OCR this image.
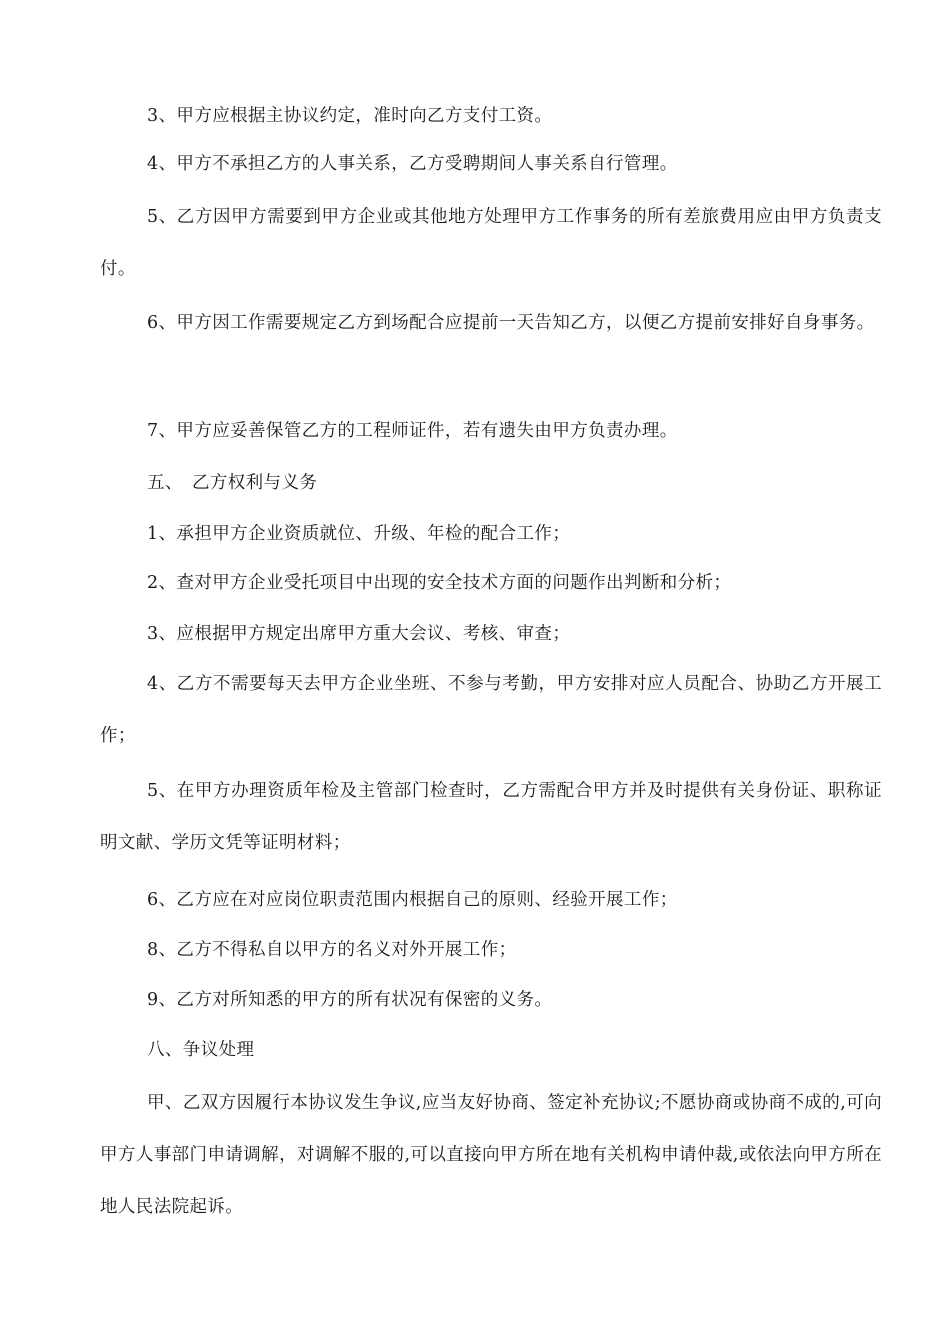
3、甲方应根据主协议约定，准时向乙方支付工资。

4、甲方不承担乙方的人事关系，乙方受聘期间人事关系自行管理。

5、乙方因甲方需要到甲方企业或其他地方处理甲方工作事务的所有差旅费用应由甲方负责支付。

6、甲方因工作需要规定乙方到场配合应提前一天告知乙方，以便乙方提前安排好自身事务。

7、甲方应妥善保管乙方的工程师证件，若有遗失由甲方负责办理。

五、　乙方权利与义务

1、承担甲方企业资质就位、升级、年检的配合工作；

2、查对甲方企业受托项目中出现的安全技术方面的问题作出判断和分析；

3、应根据甲方规定出席甲方重大会议、考核、审查；

4、乙方不需要每天去甲方企业坐班、不参与考勤，甲方安排对应人员配合、协助乙方开展工作；

5、在甲方办理资质年检及主管部门检查时，乙方需配合甲方并及时提供有关身份证、职称证明文献、学历文凭等证明材料；

6、乙方应在对应岗位职责范围内根据自己的原则、经验开展工作；

8、乙方不得私自以甲方的名义对外开展工作；

9、乙方对所知悉的甲方的所有状况有保密的义务。

八、争议处理

甲、乙双方因履行本协议发生争议,应当友好协商、签定补充协议;不愿协商或协商不成的,可向甲方人事部门申请调解，对调解不服的,可以直接向甲方所在地有关机构申请仲裁,或依法向甲方所在地人民法院起诉。
